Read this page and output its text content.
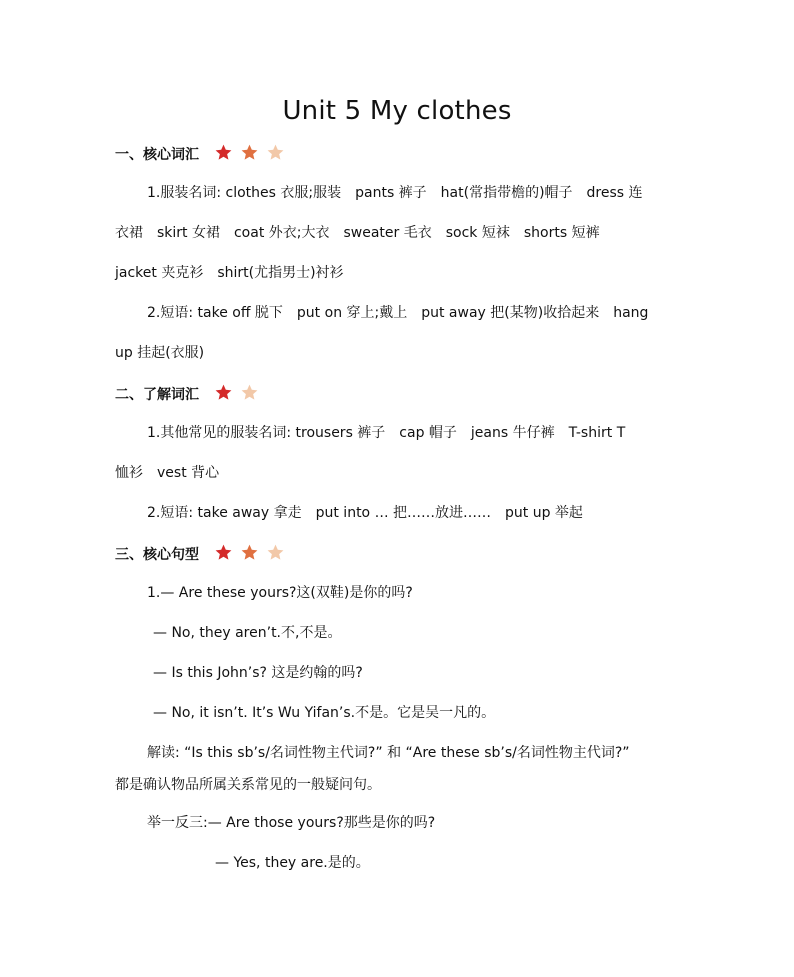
Unit 5 My clothes
一、核心词汇
1.服装名词: clothes 衣服;服装　pants 裤子　hat(常指带檐的)帽子　dress 连
衣裙　skirt 女裙　coat 外衣;大衣　sweater 毛衣　sock 短袜　shorts 短裤
jacket 夹克衫　shirt(尤指男士)衬衫
2.短语: take off 脱下　put on 穿上;戴上　put away 把(某物)收拾起来　hang
up 挂起(衣服)
二、了解词汇
1.其他常见的服装名词: trousers 裤子　cap 帽子　jeans 牛仔裤　T-shirt T
恤衫　vest 背心
2.短语: take away 拿走　put into … 把……放进……　put up 举起
三、核心句型
1.— Are these yours?这(双鞋)是你的吗?
— No, they aren’t.不,不是。
— Is this John’s? 这是约翰的吗?
— No, it isn’t. It’s Wu Yifan’s.不是。它是吴一凡的。
解读: “Is this sb’s/名词性物主代词?” 和 “Are these sb’s/名词性物主代词?”
都是确认物品所属关系常见的一般疑问句。
举一反三:— Are those yours?那些是你的吗?
— Yes, they are.是的。
